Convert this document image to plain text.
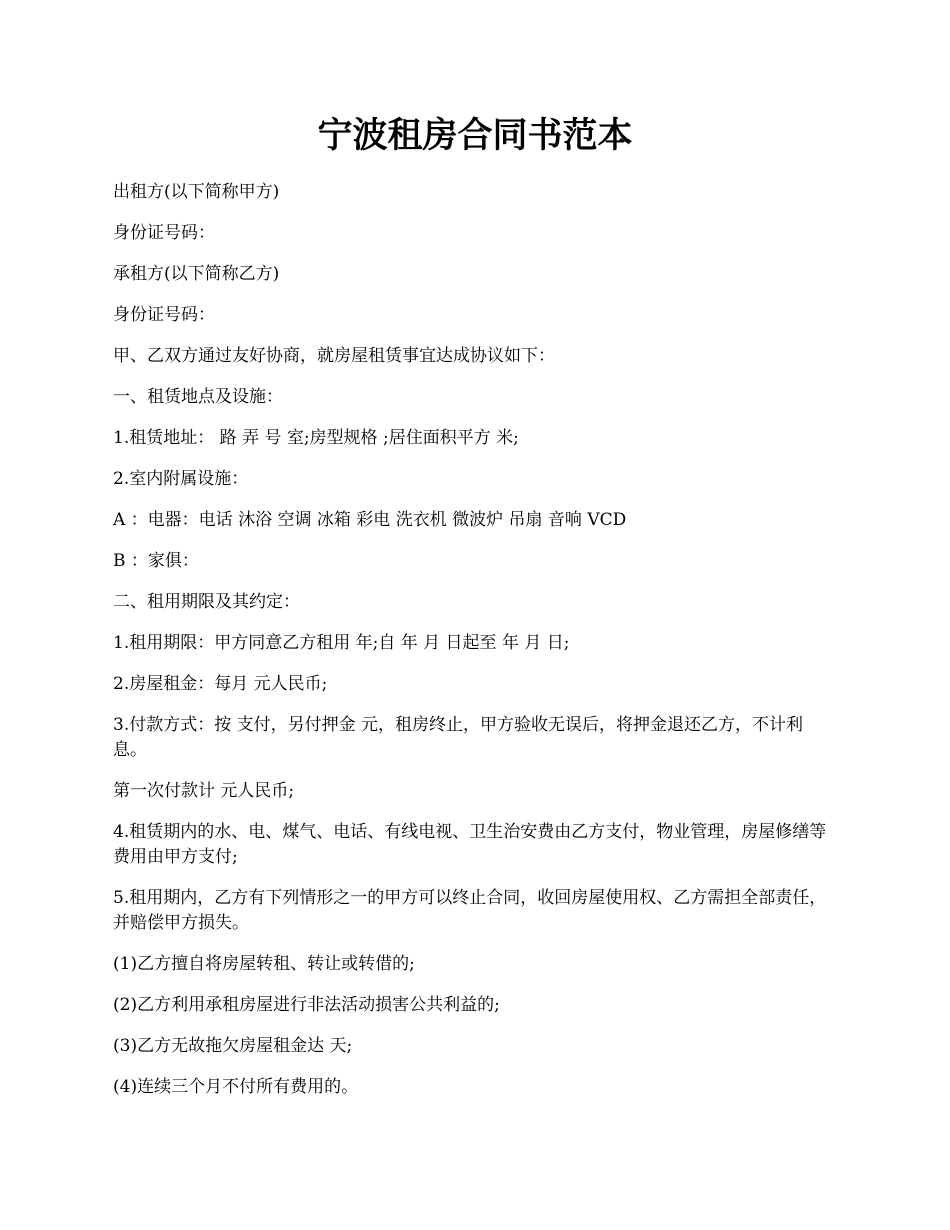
宁波租房合同书范本

出租方(以下简称甲方)

身份证号码：

承租方(以下简称乙方)

身份证号码：

甲、乙双方通过友好协商，就房屋租赁事宜达成协议如下：

一、租赁地点及设施：

1.租赁地址： 路 弄 号 室;房型规格 ;居住面积平方 米;

2.室内附属设施：

A ：电器：电话 沐浴 空调 冰箱 彩电 洗衣机 微波炉 吊扇 音响 VCD

B ：家俱：

二、租用期限及其约定：

1.租用期限：甲方同意乙方租用 年;自 年 月 日起至 年 月 日;

2.房屋租金：每月 元人民币;

3.付款方式：按 支付，另付押金 元，租房终止，甲方验收无误后，将押金退还乙方，不计利息。

第一次付款计 元人民币;

4.租赁期内的水、电、煤气、电话、有线电视、卫生治安费由乙方支付，物业管理，房屋修缮等费用由甲方支付;

5.租用期内，乙方有下列情形之一的甲方可以终止合同，收回房屋使用权、乙方需担全部责任，并赔偿甲方损失。

(1)乙方擅自将房屋转租、转让或转借的;

(2)乙方利用承租房屋进行非法活动损害公共利益的;

(3)乙方无故拖欠房屋租金达 天;

(4)连续三个月不付所有费用的。
